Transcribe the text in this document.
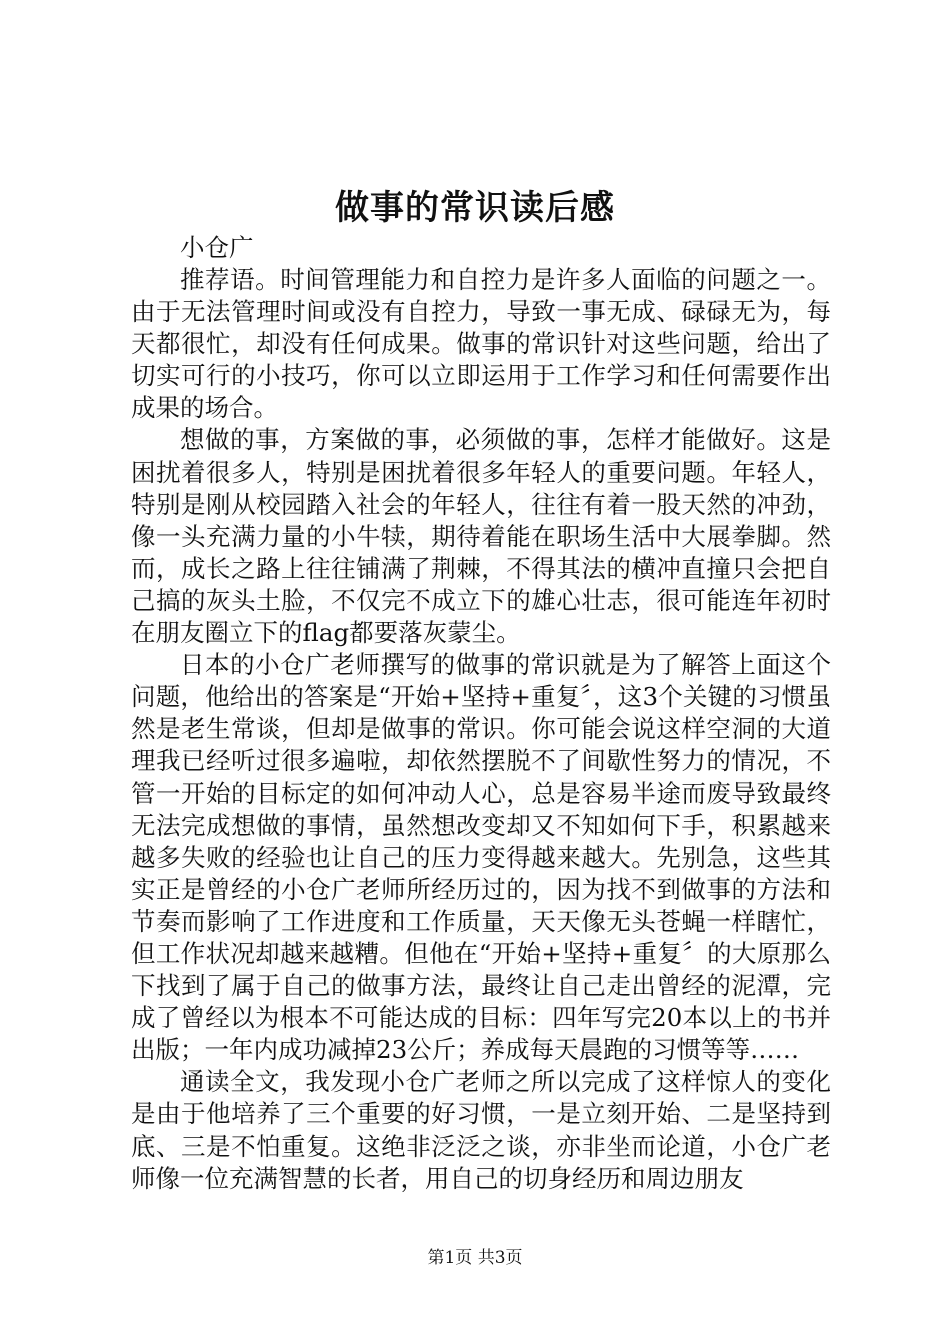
做事的常识读后感
小仓广

推荐语。时间管理能力和自控力是许多人面临的问题之一。由于无法管理时间或没有自控力，导致一事无成、碌碌无为，每天都很忙，却没有任何成果。做事的常识针对这些问题，给出了切实可行的小技巧，你可以立即运用于工作学习和任何需要作出成果的场合。

想做的事，方案做的事，必须做的事，怎样才能做好。这是困扰着很多人，特别是困扰着很多年轻人的重要问题。年轻人，特别是刚从校园踏入社会的年轻人，往往有着一股天然的冲劲，像一头充满力量的小牛犊，期待着能在职场生活中大展拳脚。然而，成长之路上往往铺满了荆棘，不得其法的横冲直撞只会把自己搞的灰头土脸，不仅完不成立下的雄心壮志，很可能连年初时在朋友圈立下的flag都要落灰蒙尘。

日本的小仓广老师撰写的做事的常识就是为了解答上面这个问题，他给出的答案是“开始+坚持+重复〞，这3个关键的习惯虽然是老生常谈，但却是做事的常识。你可能会说这样空洞的大道理我已经听过很多遍啦，却依然摆脱不了间歇性努力的情况，不管一开始的目标定的如何冲动人心，总是容易半途而废导致最终无法完成想做的事情，虽然想改变却又不知如何下手，积累越来越多失败的经验也让自己的压力变得越来越大。先别急，这些其实正是曾经的小仓广老师所经历过的，因为找不到做事的方法和节奏而影响了工作进度和工作质量，天天像无头苍蝇一样瞎忙，但工作状况却越来越糟。但他在“开始+坚持+重复〞的大原那么下找到了属于自己的做事方法，最终让自己走出曾经的泥潭，完成了曾经以为根本不可能达成的目标：四年写完20本以上的书并出版；一年内成功减掉23公斤；养成每天晨跑的习惯等等……

通读全文，我发现小仓广老师之所以完成了这样惊人的变化是由于他培养了三个重要的好习惯，一是立刻开始、二是坚持到底、三是不怕重复。这绝非泛泛之谈，亦非坐而论道，小仓广老师像一位充满智慧的长者，用自己的切身经历和周边朋友

第1页 共3页
